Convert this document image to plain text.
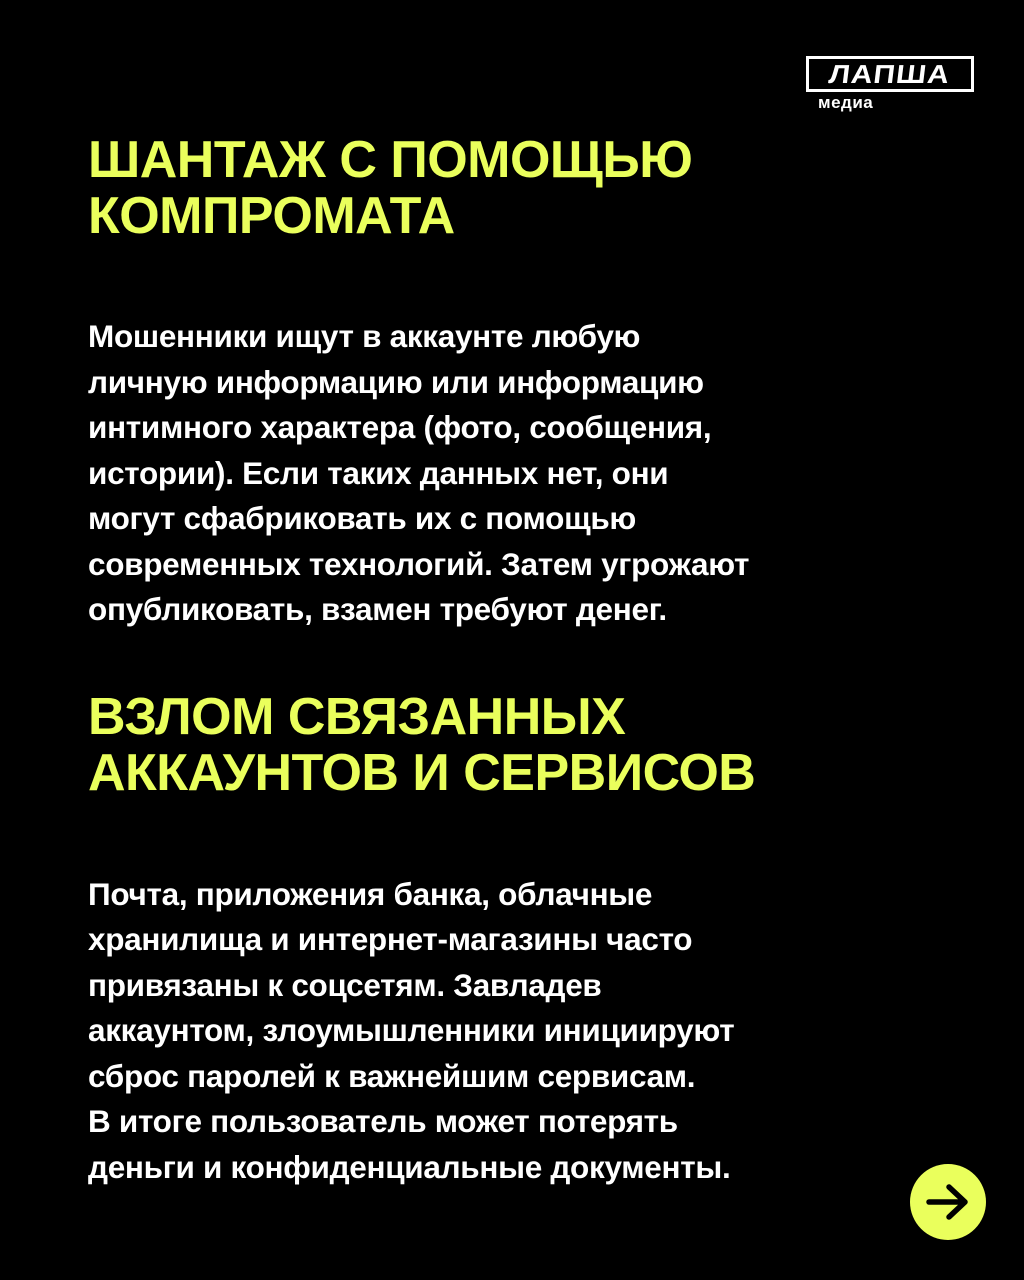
ЛАПША
медиа
ШАНТАЖ С ПОМОЩЬЮ
КОМПРОМАТА

Мошенники ищут в аккаунте любую
личную информацию или информацию
интимного характера (фото, сообщения,
истории). Если таких данных нет, они
могут сфабриковать их с помощью
современных технологий. Затем угрожают
опубликовать, взамен требуют денег.

ВЗЛОМ СВЯЗАННЫХ
АККАУНТОВ И СЕРВИСОВ

Почта, приложения банка, облачные
хранилища и интернет-магазины часто
привязаны к соцсетям. Завладев
аккаунтом, злоумышленники инициируют
сброс паролей к важнейшим сервисам.
В итоге пользователь может потерять
деньги и конфиденциальные документы.
